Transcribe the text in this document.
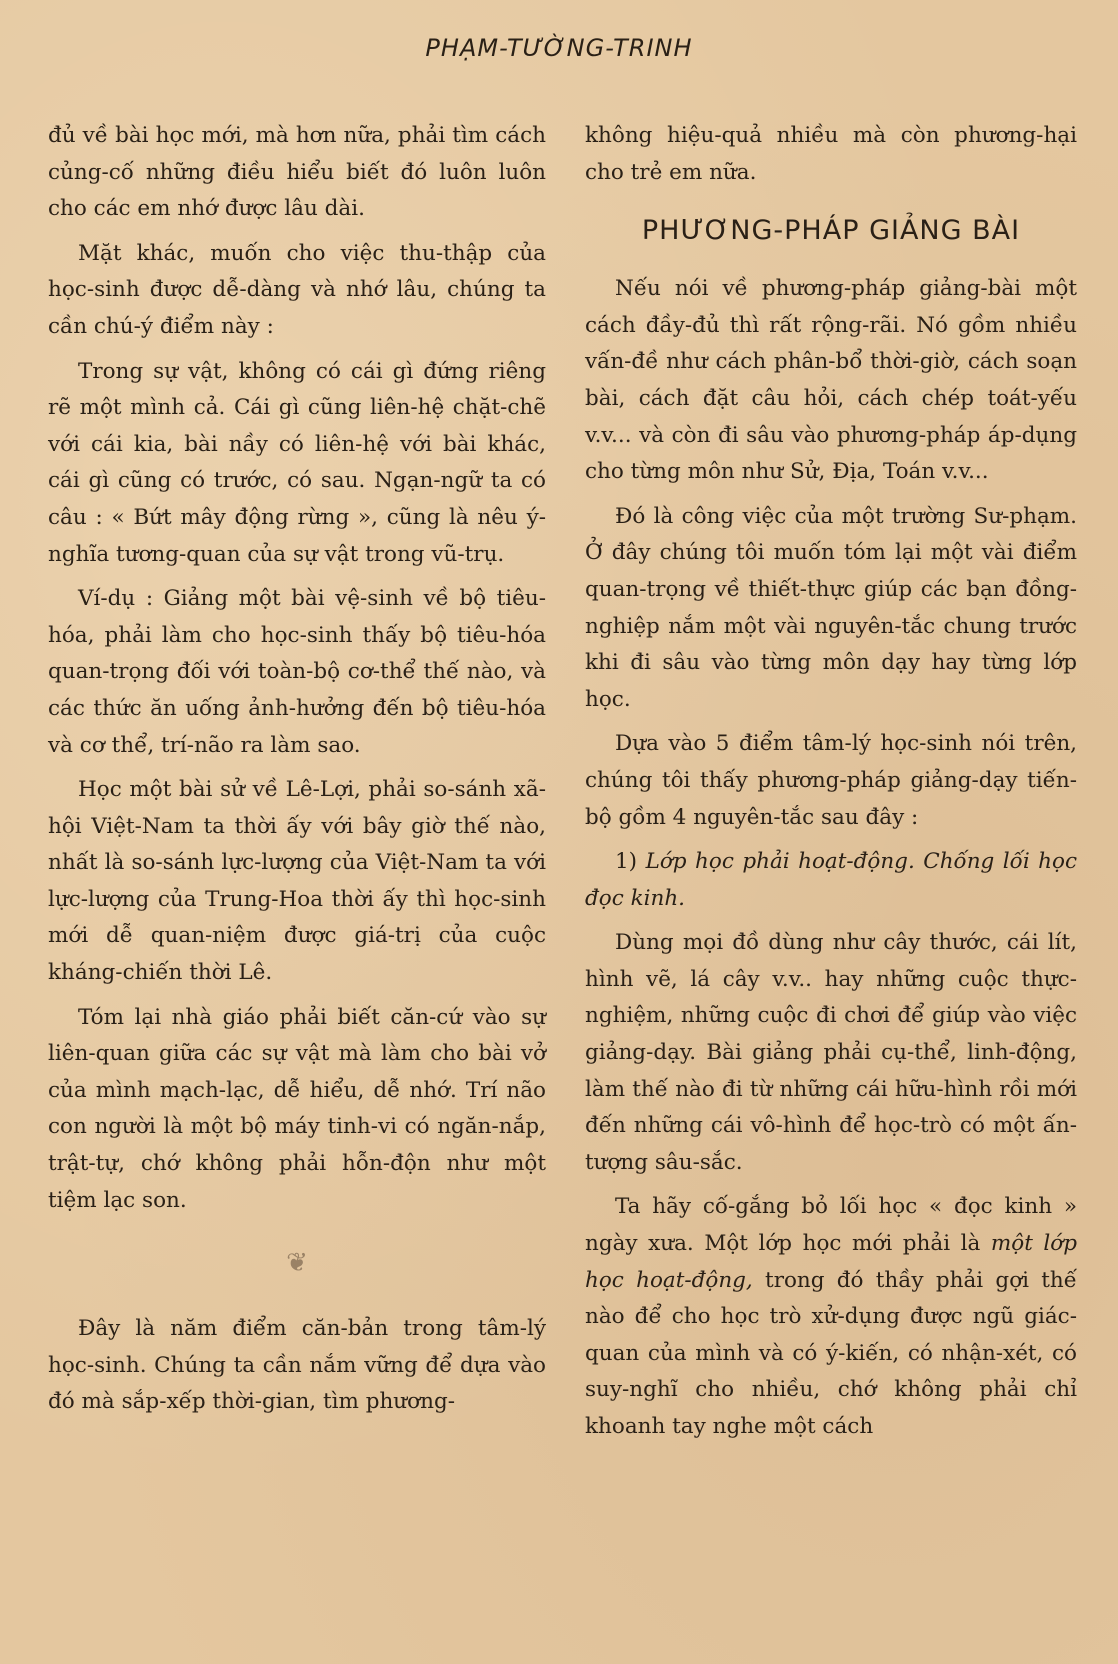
PHẠM-TƯỜNG-TRINH

đủ về bài học mới, mà hơn nữa, phải tìm cách củng-cố những điều hiểu biết đó luôn luôn cho các em nhớ được lâu dài.

Mặt khác, muốn cho việc thu-thập của học-sinh được dễ-dàng và nhớ lâu, chúng ta cần chú-ý điểm này :

Trong sự vật, không có cái gì đứng riêng rẽ một mình cả. Cái gì cũng liên-hệ chặt-chẽ với cái kia, bài nầy có liên-hệ với bài khác, cái gì cũng có trước, có sau. Ngạn-ngữ ta có câu : « Bứt mây động rừng », cũng là nêu ý-nghĩa tương-quan của sự vật trong vũ-trụ.

Ví-dụ : Giảng một bài vệ-sinh về bộ tiêu-hóa, phải làm cho học-sinh thấy bộ tiêu-hóa quan-trọng đối với toàn-bộ cơ-thể thế nào, và các thức ăn uống ảnh-hưởng đến bộ tiêu-hóa và cơ thể, trí-não ra làm sao.

Học một bài sử về Lê-Lợi, phải so-sánh xã-hội Việt-Nam ta thời ấy với bây giờ thế nào, nhất là so-sánh lực-lượng của Việt-Nam ta với lực-lượng của Trung-Hoa thời ấy thì học-sinh mới dễ quan-niệm được giá-trị của cuộc kháng-chiến thời Lê.

Tóm lại nhà giáo phải biết căn-cứ vào sự liên-quan giữa các sự vật mà làm cho bài vở của mình mạch-lạc, dễ hiểu, dễ nhớ. Trí não con người là một bộ máy tinh-vi có ngăn-nắp, trật-tự, chớ không phải hỗn-độn như một tiệm lạc son.

❦

Đây là năm điểm căn-bản trong tâm-lý học-sinh. Chúng ta cần nắm vững để dựa vào đó mà sắp-xếp thời-gian, tìm phương-

không hiệu-quả nhiều mà còn phương-hại cho trẻ em nữa.

PHƯƠNG-PHÁP GIẢNG BÀI

Nếu nói về phương-pháp giảng-bài một cách đầy-đủ thì rất rộng-rãi. Nó gồm nhiều vấn-đề như cách phân-bổ thời-giờ, cách soạn bài, cách đặt câu hỏi, cách chép toát-yếu v.v... và còn đi sâu vào phương-pháp áp-dụng cho từng môn như Sử, Địa, Toán v.v...

Đó là công việc của một trường Sư-phạm. Ở đây chúng tôi muốn tóm lại một vài điểm quan-trọng về thiết-thực giúp các bạn đồng-nghiệp nắm một vài nguyên-tắc chung trước khi đi sâu vào từng môn dạy hay từng lớp học.

Dựa vào 5 điểm tâm-lý học-sinh nói trên, chúng tôi thấy phương-pháp giảng-dạy tiến-bộ gồm 4 nguyên-tắc sau đây :

1) Lớp học phải hoạt-động. Chống lối học đọc kinh.

Dùng mọi đồ dùng như cây thước, cái lít, hình vẽ, lá cây v.v.. hay những cuộc thực-nghiệm, những cuộc đi chơi để giúp vào việc giảng-dạy. Bài giảng phải cụ-thể, linh-động, làm thế nào đi từ những cái hữu-hình rồi mới đến những cái vô-hình để học-trò có một ấn-tượng sâu-sắc.

Ta hãy cố-gắng bỏ lối học « đọc kinh » ngày xưa. Một lớp học mới phải là một lớp học hoạt-động, trong đó thầy phải gợi thế nào để cho học trò xử-dụng được ngũ giác-quan của mình và có ý-kiến, có nhận-xét, có suy-nghĩ cho nhiều, chớ không phải chỉ khoanh tay nghe một cách
